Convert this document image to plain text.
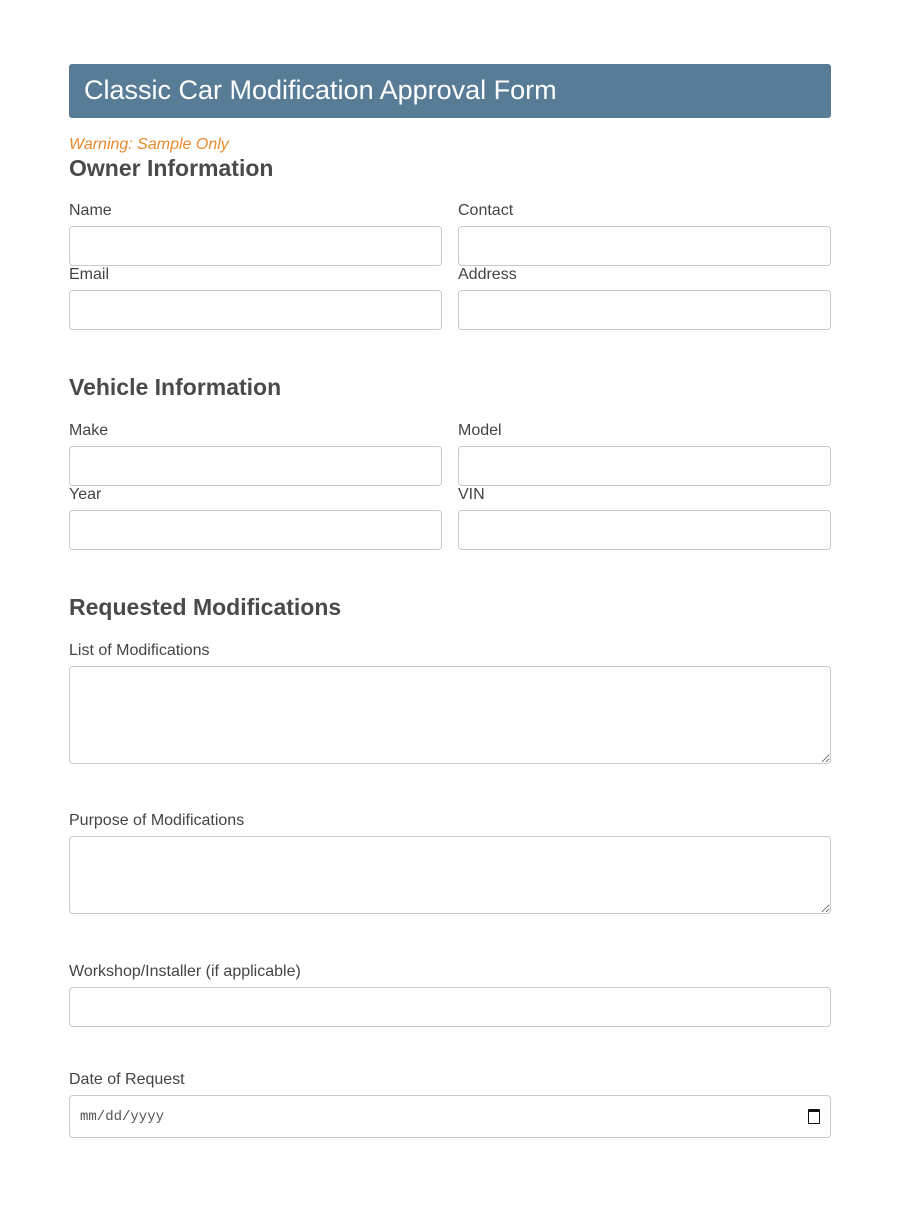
Classic Car Modification Approval Form
Warning: Sample Only
Owner Information
Name	Contact
Email	Address
Vehicle Information
Make	Model
Year	VIN
Requested Modifications
List of Modifications
Purpose of Modifications
Workshop/Installer (if applicable)
Date of Request
mm/dd/yyyy
